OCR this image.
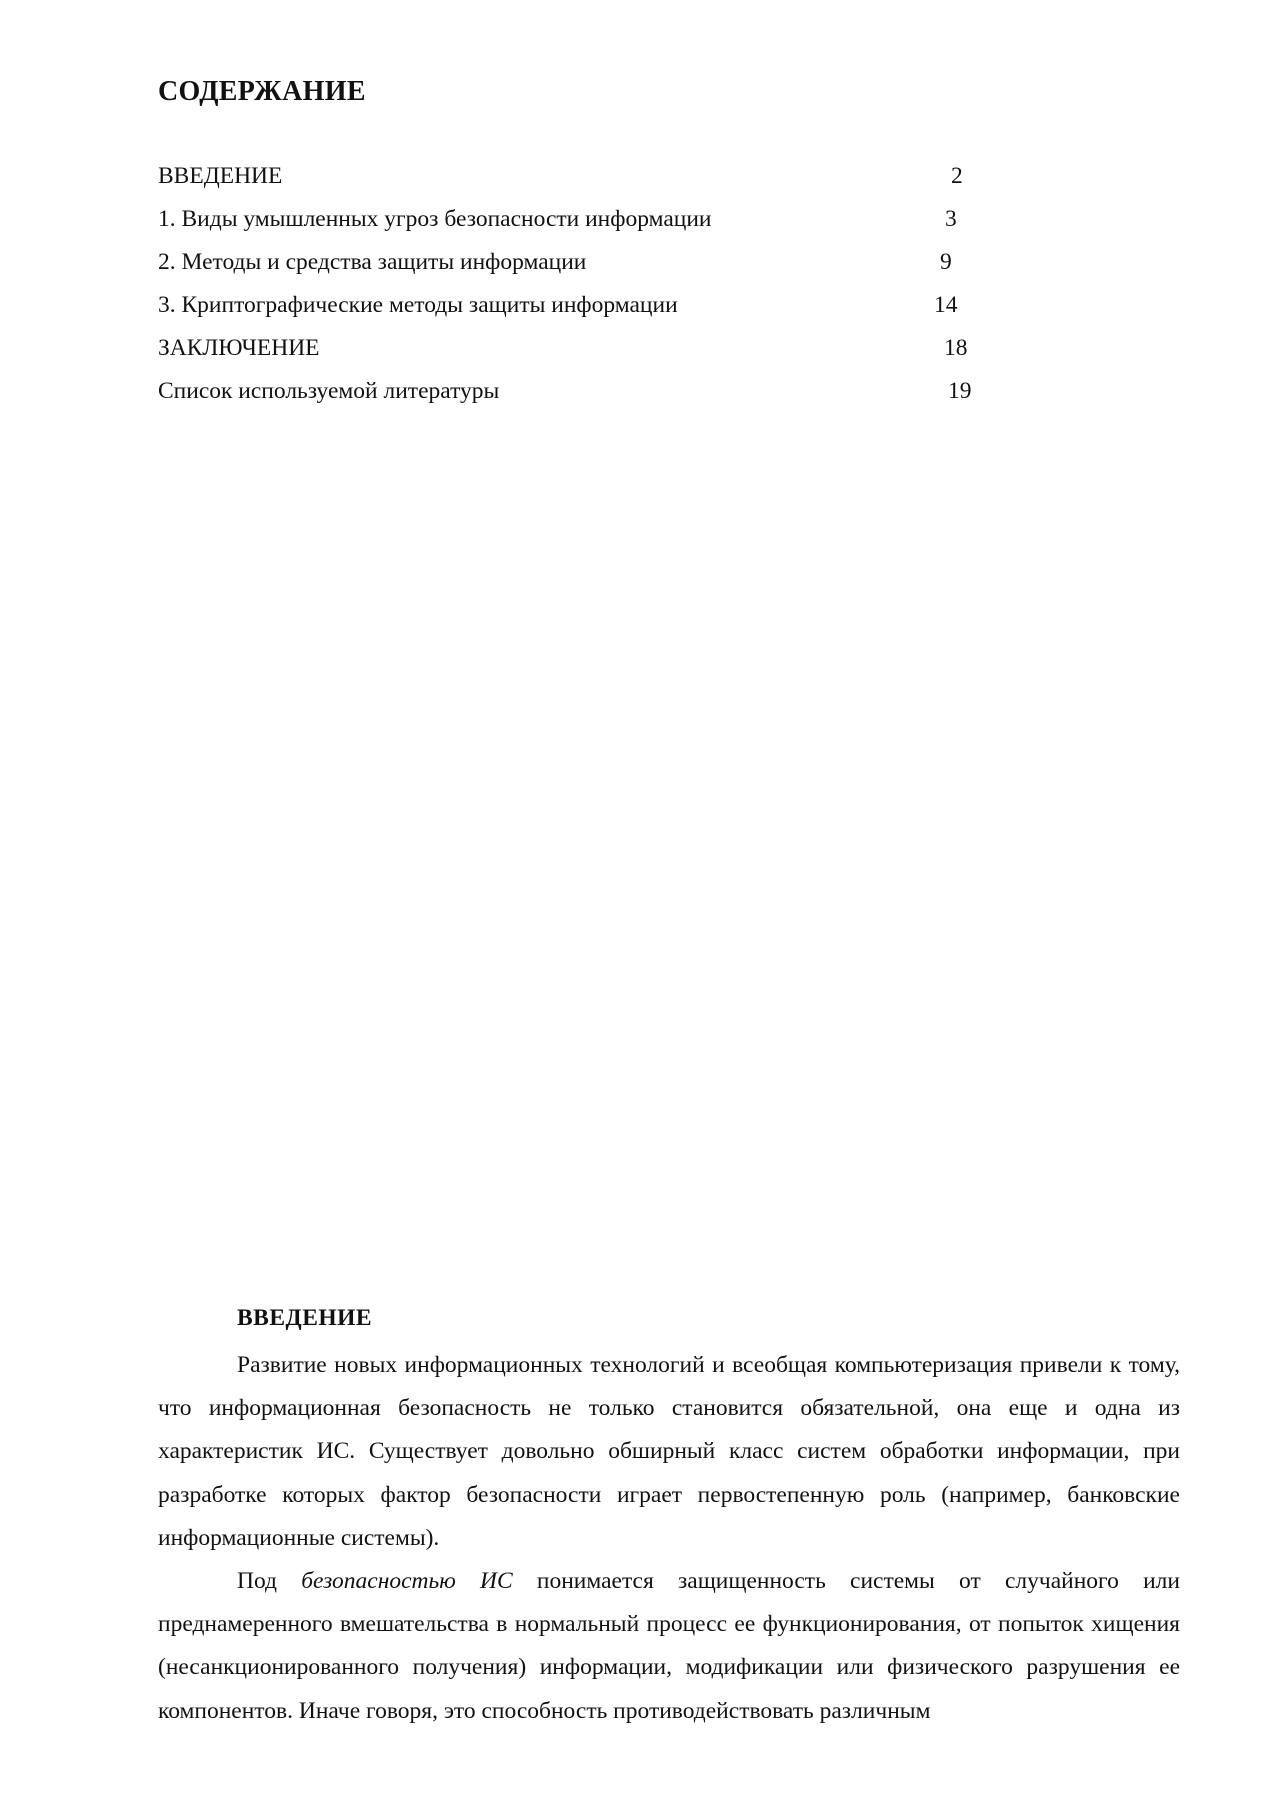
СОДЕРЖАНИЕ
ВВЕДЕНИЕ	2
1. Виды умышленных угроз безопасности информации	3
2. Методы и средства защиты информации	9
3. Криптографические методы защиты информации	14
ЗАКЛЮЧЕНИЕ	18
Список используемой литературы	19
ВВЕДЕНИЕ

Развитие новых информационных технологий и всеобщая компьютеризация привели к тому, что информационная безопасность не только становится обязательной, она еще и одна из характеристик ИС. Существует довольно обширный класс систем обработки информации, при разработке которых фактор безопасности играет первостепенную роль (например, банковские информационные системы).

Под безопасностью ИС понимается защищенность системы от случайного или преднамеренного вмешательства в нормальный процесс ее функционирования, от попыток хищения (несанкционированного получения) информации, модификации или физического разрушения ее компонентов. Иначе говоря, это способность противодействовать различным
